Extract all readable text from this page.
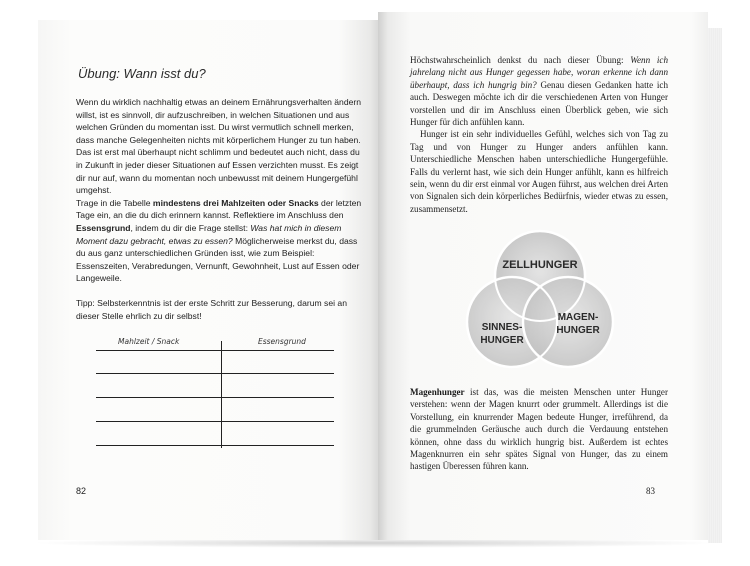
Übung: Wann isst du?

Wenn du wirklich nachhaltig etwas an deinem Ernährungsverhalten ändern willst, ist es sinnvoll, dir aufzuschreiben, in welchen Situationen und aus welchen Gründen du momentan isst. Du wirst vermutlich schnell merken, dass manche Gelegenheiten nichts mit körperlichem Hunger zu tun haben. Das ist erst mal überhaupt nicht schlimm und bedeutet auch nicht, dass du in Zukunft in jeder dieser Situationen auf Essen verzichten musst. Es zeigt dir nur auf, wann du momentan noch unbewusst mit deinem Hungergefühl umgehst.

Trage in die Tabelle mindestens drei Mahlzeiten oder Snacks der letzten Tage ein, an die du dich erinnern kannst. Reflektiere im Anschluss den Essensgrund, indem du dir die Frage stellst: Was hat mich in diesem Moment dazu gebracht, etwas zu essen? Möglicherweise merkst du, dass du aus ganz unterschiedlichen Gründen isst, wie zum Beispiel: Essenszeiten, Verabredungen, Vernunft, Gewohnheit, Lust auf Essen oder Langeweile.

Tipp: Selbsterkenntnis ist der erste Schritt zur Besserung, darum sei an dieser Stelle ehrlich zu dir selbst!

Mahlzeit / Snack	Essensgrund
82

Höchstwahrscheinlich denkst du nach dieser Übung: Wenn ich jahrelang nicht aus Hunger gegessen habe, woran erkenne ich dann überhaupt, dass ich hungrig bin? Genau diesen Gedanken hatte ich auch. Deswegen möchte ich dir die verschiedenen Arten von Hunger vorstellen und dir im Anschluss einen Überblick geben, wie sich Hunger für dich anfühlen kann.

Hunger ist ein sehr individuelles Gefühl, welches sich von Tag zu Tag und von Hunger zu Hunger anders anfühlen kann. Unterschiedliche Menschen haben unterschiedliche Hungergefühle. Falls du verlernt hast, wie sich dein Hunger anfühlt, kann es hilfreich sein, wenn du dir erst einmal vor Augen führst, aus welchen drei Arten von Signalen sich dein körperliches Bedürfnis, wieder etwas zu essen, zusammensetzt.

ZELLHUNGER
SINNES-
HUNGER
MAGEN-
HUNGER

Magenhunger ist das, was die meisten Menschen unter Hunger verstehen: wenn der Magen knurrt oder grummelt. Allerdings ist die Vorstellung, ein knurrender Magen bedeute Hunger, irreführend, da die grummelnden Geräusche auch durch die Verdauung entstehen können, ohne dass du wirklich hungrig bist. Außerdem ist echtes Magenknurren ein sehr spätes Signal von Hunger, das zu einem hastigen Überessen führen kann.

83
